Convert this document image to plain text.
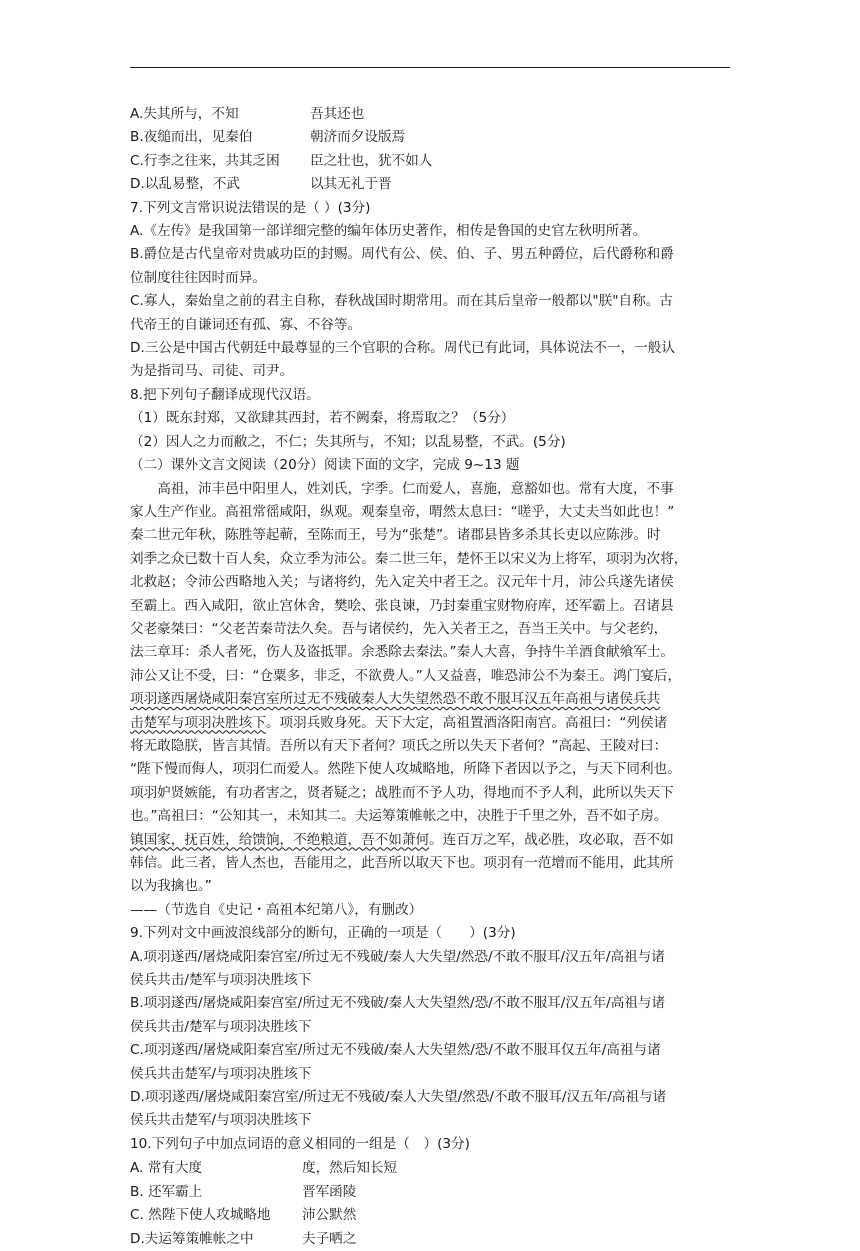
A.失其所与，不知	吾其还也
B.夜缒而出，见秦伯	朝济而夕设版焉
C.行李之往来，共其乏困	臣之壮也，犹不如人
D.以乱易整，不武	以其无礼于晋
7.下列文言常识说法错误的是（ ）(3分)
A.《左传》是我国第一部详细完整的编年体历史著作，相传是鲁国的史官左秋明所著。
B.爵位是古代皇帝对贵戚功臣的封赐。周代有公、侯、伯、子、男五种爵位，后代爵称和爵
位制度往往因时而异。
C.寡人，秦始皇之前的君主自称，春秋战国时期常用。而在其后皇帝一般都以"朕"自称。古
代帝王的自谦词还有孤、寡、不谷等。
D.三公是中国古代朝廷中最尊显的三个官职的合称。周代已有此词，具体说法不一，一般认
为是指司马、司徒、司尹。
8.把下列句子翻译成现代汉语。
（1）既东封郑，又欲肆其西封，若不阙秦，将焉取之？（5分）
（2）因人之力而敝之，不仁；失其所与，不知；以乱易整，不武。(5分)
（二）课外文言文阅读（20分）阅读下面的文字，完成 9~13 题
高祖，沛丰邑中阳里人，姓刘氏，字季。仁而爱人，喜施，意豁如也。常有大度，不事
家人生产作业。高祖常徭咸阳，纵观。观秦皇帝，喟然太息曰：“嗟乎，大丈夫当如此也！”
秦二世元年秋，陈胜等起蕲，至陈而王，号为“张楚”。诸郡县皆多杀其长吏以应陈涉。时
刘季之众已数十百人矣，众立季为沛公。秦二世三年，楚怀王以宋义为上将军，项羽为次将，
北救赵；令沛公西略地入关；与诸将约，先入定关中者王之。汉元年十月，沛公兵遂先诸侯
至霸上。西入咸阳，欲止宫休舍，樊哙、张良谏，乃封秦重宝财物府库，还军霸上。召诸县
父老豪桀曰：“父老苦秦苛法久矣。吾与诸侯约，先入关者王之，吾当王关中。与父老约，
法三章耳：杀人者死，伤人及盗抵罪。余悉除去秦法。”秦人大喜，争持牛羊酒食献飨军士。
沛公又让不受，曰：“仓粟多，非乏，不欲费人。”人又益喜，唯恐沛公不为秦王。鸿门宴后，
项羽遂西屠烧咸阳秦宫室所过无不残破秦人大失望然恐不敢不服耳汉五年高祖与诸侯兵共
击楚军与项羽决胜垓下。项羽兵败身死。天下大定，高祖置酒洛阳南宫。高祖曰：“列侯诸
将无敢隐朕，皆言其情。吾所以有天下者何？项氏之所以失天下者何？”高起、王陵对曰：
“陛下慢而侮人，项羽仁而爱人。然陛下使人攻城略地，所降下者因以予之，与天下同利也。
项羽妒贤嫉能，有功者害之，贤者疑之；战胜而不予人功，得地而不予人利，此所以失天下
也。”高祖曰：“公知其一，未知其二。夫运筹策帷帐之中，决胜于千里之外，吾不如子房。
镇国家，抚百姓，给馈饷，不绝粮道，吾不如萧何。连百万之军，战必胜，攻必取，吾不如
韩信。此三者，皆人杰也，吾能用之，此吾所以取天下也。项羽有一范增而不能用，此其所
以为我擒也。”
——（节选自《史记・高祖本纪第八》，有删改）
9.下列对文中画波浪线部分的断句，正确的一项是（　　）(3分)
A.项羽遂西/屠烧咸阳秦宫室/所过无不残破/秦人大失望/然恐/不敢不服耳/汉五年/高祖与诸
侯兵共击/楚军与项羽决胜垓下
B.项羽遂西/屠烧咸阳秦宫室/所过无不残破/秦人大失望然/恐/不敢不服耳/汉五年/高祖与诸
侯兵共击/楚军与项羽决胜垓下
C.项羽遂西/屠烧咸阳秦宫室/所过无不残破/秦人大失望然/恐/不敢不服耳仅五年/高祖与诸
侯兵共击楚军/与项羽决胜垓下
D.项羽遂西/屠烧咸阳秦宫室/所过无不残破/秦人大失望/然恐/不敢不服耳/汉五年/高祖与诸
侯兵共击楚军/与项羽决胜垓下
10.下列句子中加点词语的意义相同的一组是（　）(3分)
A. 常有大度	度，然后知长短
B. 还军霸上	晋军函陵
C. 然陛下使人攻城略地	沛公默然
D.夫运筹策帷帐之中	夫子哂之
